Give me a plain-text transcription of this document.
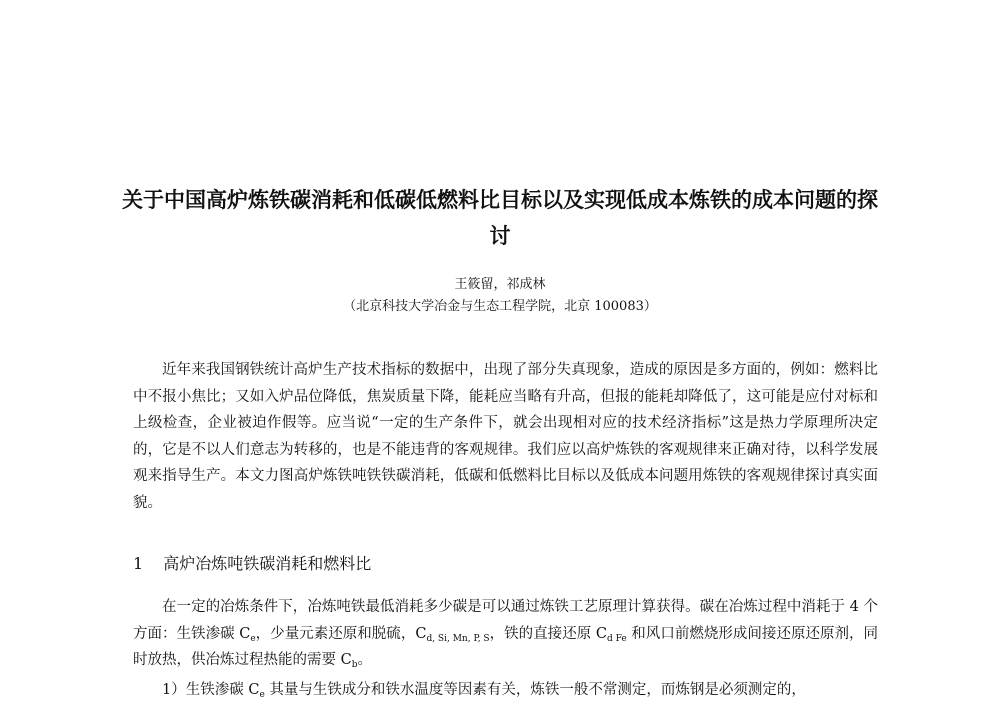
关于中国高炉炼铁碳消耗和低碳低燃料比目标以及实现低成本炼铁的成本问题的探讨
王筱留，祁成林
（北京科技大学冶金与生态工程学院，北京 100083）

近年来我国钢铁统计高炉生产技术指标的数据中，出现了部分失真现象，造成的原因是多方面的，例如：燃料比中不报小焦比；又如入炉品位降低，焦炭质量下降，能耗应当略有升高，但报的能耗却降低了，这可能是应付对标和上级检查，企业被迫作假等。应当说“一定的生产条件下，就会出现相对应的技术经济指标”这是热力学原理所决定的，它是不以人们意志为转移的，也是不能违背的客观规律。我们应以高炉炼铁的客观规律来正确对待，以科学发展观来指导生产。本文力图高炉炼铁吨铁铁碳消耗，低碳和低燃料比目标以及低成本问题用炼铁的客观规律探讨真实面貌。

1 高炉冶炼吨铁碳消耗和燃料比

在一定的冶炼条件下，冶炼吨铁最低消耗多少碳是可以通过炼铁工艺原理计算获得。碳在冶炼过程中消耗于 4 个方面：生铁渗碳 $C_e$，少量元素还原和脱硫，$C_{d, Si, Mn, P, S}$，铁的直接还原 $C_{d Fe}$ 和风口前燃烧形成间接还原还原剂，同时放热，供冶炼过程热能的需要 $C_b$。

1）生铁渗碳 $C_e$ 其量与生铁成分和铁水温度等因素有关，炼铁一般不常测定，而炼钢是必须测定的，
